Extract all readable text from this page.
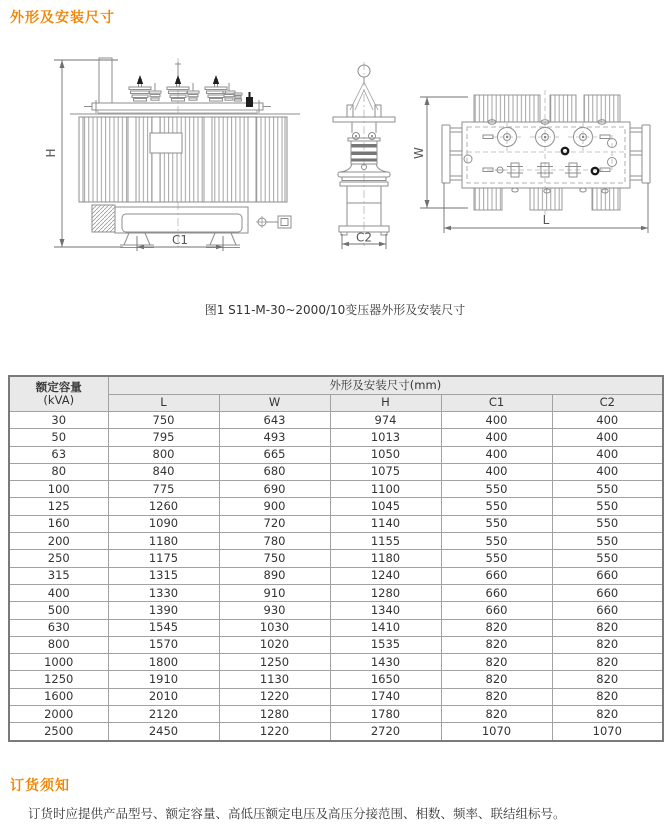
外形及安装尺寸
H
C1	C2
W
L
图1 S11-M-30~2000/10变压器外形及安装尺寸
额定容量
(kVA)	外形及安装尺寸(mm)				
	L	W	H	C1	C2
30	750	643	974	400	400
50	795	493	1013	400	400
63	800	665	1050	400	400
80	840	680	1075	400	400
100	775	690	1100	550	550
125	1260	900	1045	550	550
160	1090	720	1140	550	550
200	1180	780	1155	550	550
250	1175	750	1180	550	550
315	1315	890	1240	660	660
400	1330	910	1280	660	660
500	1390	930	1340	660	660
630	1545	1030	1410	820	820
800	1570	1020	1535	820	820
1000	1800	1250	1430	820	820
1250	1910	1130	1650	820	820
1600	2010	1220	1740	820	820
2000	2120	1280	1780	820	820
2500	2450	1220	2720	1070	1070
订货须知
订货时应提供产品型号、额定容量、高低压额定电压及高压分接范围、相数、频率、联结组标号。
